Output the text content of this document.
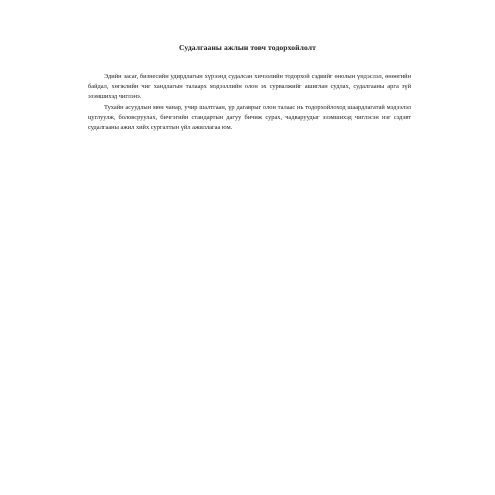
Судалгааны ажлын товч тодорхойлолт

Эдийн засаг, бизнесийн удирдлагын хүрээнд судалсан хичээлийн тодорхой сэдвийг өнолын үндэслэл, өнөөгийн байдал, хөгжлийн чиг хандлагын талаарх мэдээллийн олон эх сурвалжийг ашиглан судлах, судалгааны арга зүй эзэмшихэд чиглэнэ.

Тухайн асуудлын мөн чанар, учир шалтгаан, үр дагаврыг олон талаас нь тодорхойлоход шаардлагатай мэдээлэл цуглуулж, боловсруулах, бичгэгийн стандартын дагуу бичиж сурах, чадваруудыг эзэмшихэд чиглэсэн нэг сэдэвт судалгааны ажил хийх сургалтын үйл ажиллагаа юм.
